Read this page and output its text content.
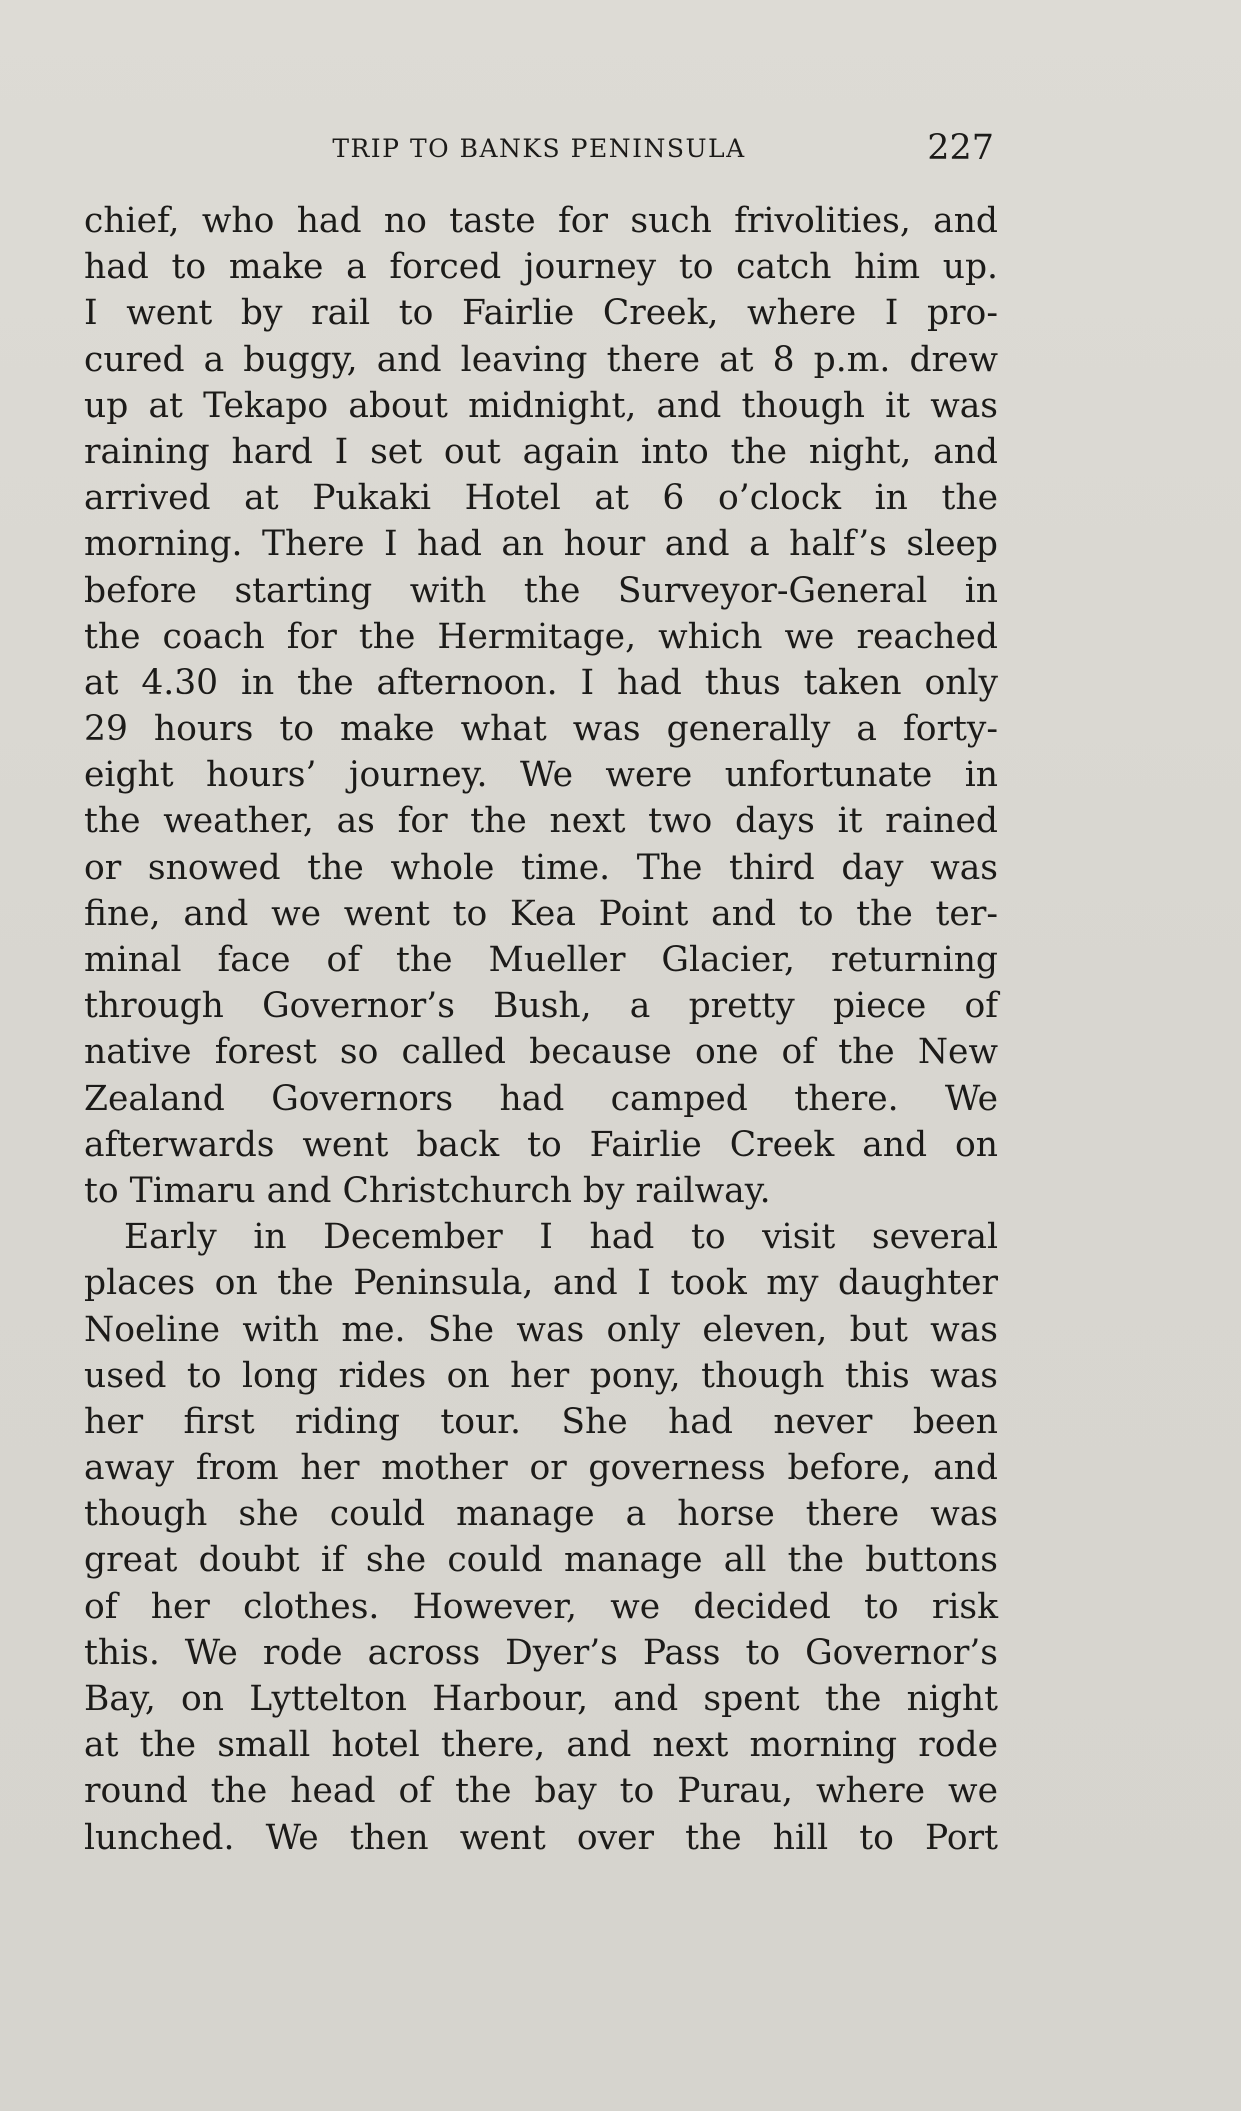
TRIP TO BANKS PENINSULA	227
chief, who had no taste for such frivolities, and
had to make a forced journey to catch him up.
I went by rail to Fairlie Creek, where I pro-
cured a buggy, and leaving there at 8 p.m. drew
up at Tekapo about midnight, and though it was
raining hard I set out again into the night, and
arrived at Pukaki Hotel at 6 o’clock in the
morning. There I had an hour and a half’s sleep
before starting with the Surveyor-General in
the coach for the Hermitage, which we reached
at 4.30 in the afternoon. I had thus taken only
29 hours to make what was generally a forty-
eight hours’ journey. We were unfortunate in
the weather, as for the next two days it rained
or snowed the whole time. The third day was
fine, and we went to Kea Point and to the ter-
minal face of the Mueller Glacier, returning
through Governor’s Bush, a pretty piece of
native forest so called because one of the New
Zealand Governors had camped there. We
afterwards went back to Fairlie Creek and on
to Timaru and Christchurch by railway.
Early in December I had to visit several
places on the Peninsula, and I took my daughter
Noeline with me. She was only eleven, but was
used to long rides on her pony, though this was
her first riding tour. She had never been
away from her mother or governess before, and
though she could manage a horse there was
great doubt if she could manage all the buttons
of her clothes. However, we decided to risk
this. We rode across Dyer’s Pass to Governor’s
Bay, on Lyttelton Harbour, and spent the night
at the small hotel there, and next morning rode
round the head of the bay to Purau, where we
lunched. We then went over the hill to Port
